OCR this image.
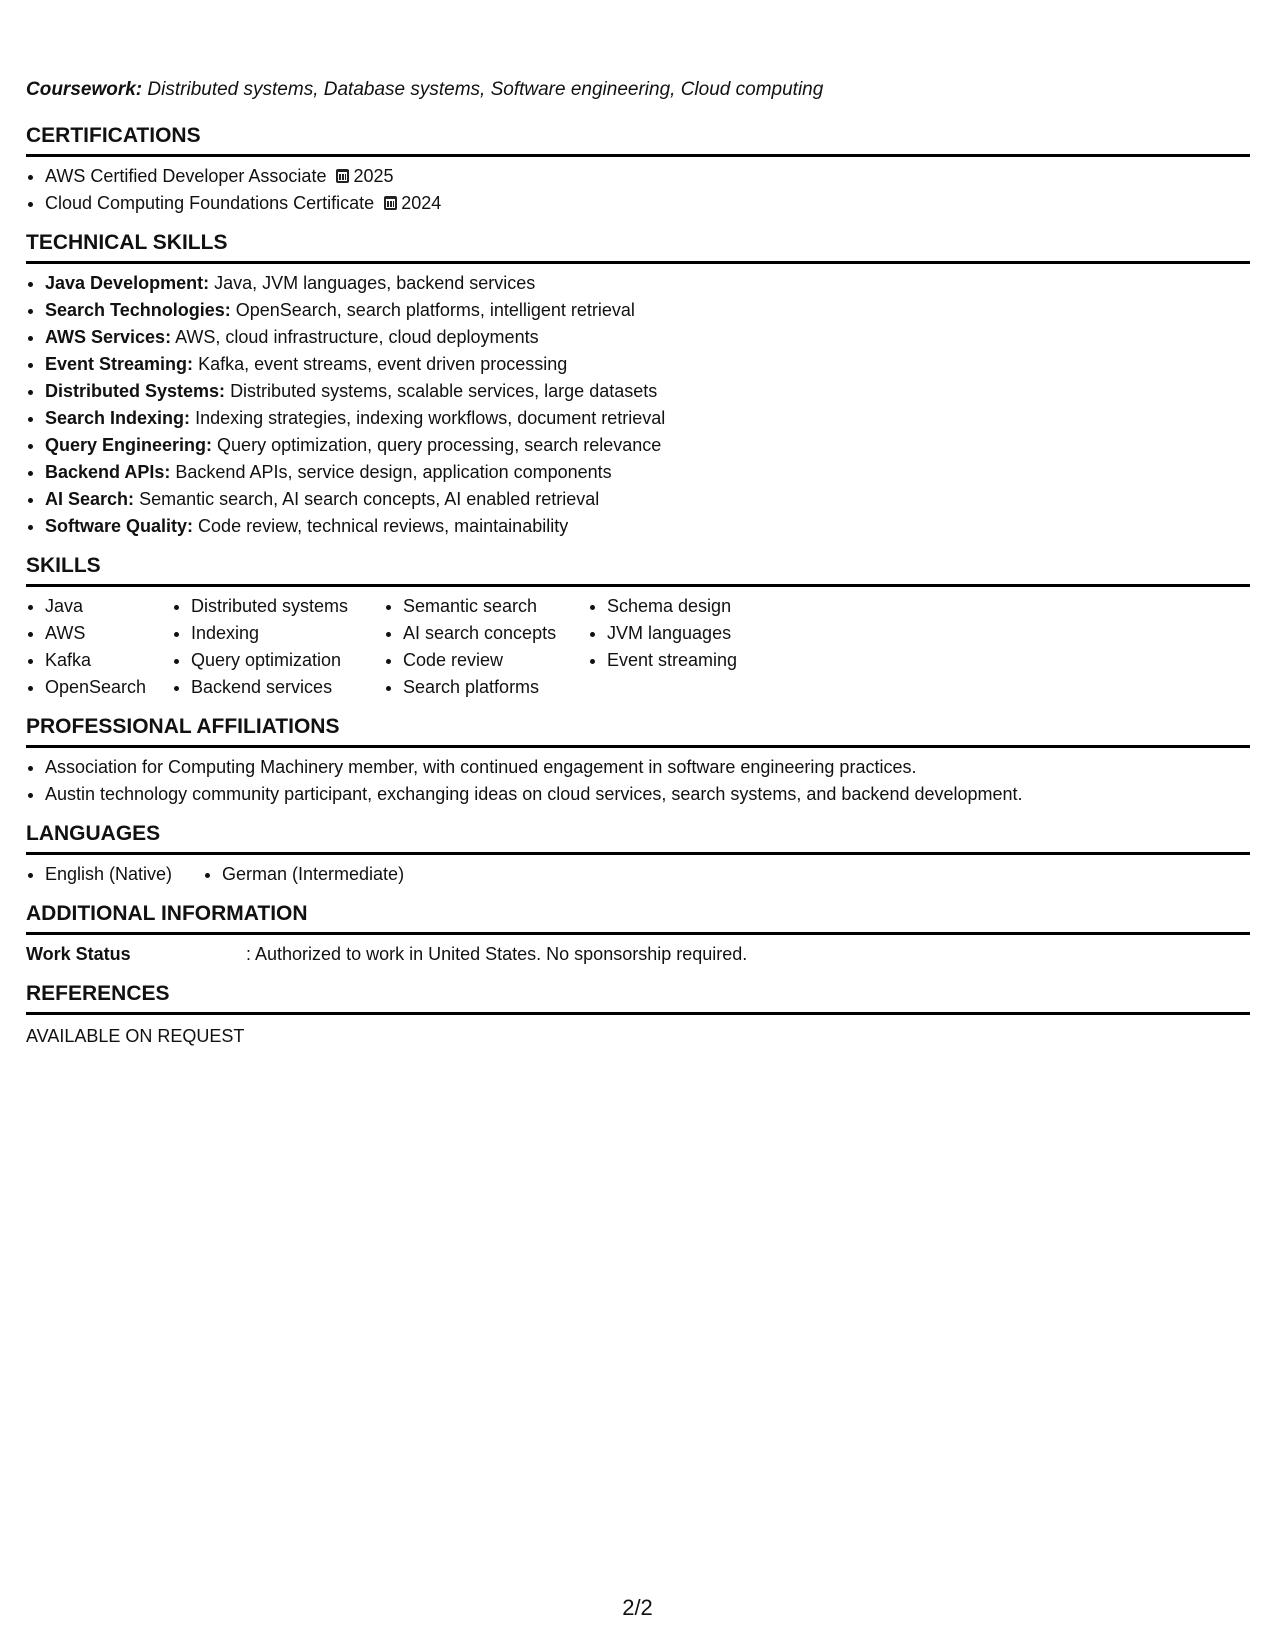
Coursework: Distributed systems, Database systems, Software engineering, Cloud computing

CERTIFICATIONS
• AWS Certified Developer Associate 2025
• Cloud Computing Foundations Certificate 2024
TECHNICAL SKILLS
• Java Development: Java, JVM languages, backend services
• Search Technologies: OpenSearch, search platforms, intelligent retrieval
• AWS Services: AWS, cloud infrastructure, cloud deployments
• Event Streaming: Kafka, event streams, event driven processing
• Distributed Systems: Distributed systems, scalable services, large datasets
• Search Indexing: Indexing strategies, indexing workflows, document retrieval
• Query Engineering: Query optimization, query processing, search relevance
• Backend APIs: Backend APIs, service design, application components
• AI Search: Semantic search, AI search concepts, AI enabled retrieval
• Software Quality: Code review, technical reviews, maintainability
SKILLS
• Java
• AWS
• Kafka
• OpenSearch
• Distributed systems
• Indexing
• Query optimization
• Backend services
• Semantic search
• AI search concepts
• Code review
• Search platforms
• Schema design
• JVM languages
• Event streaming
PROFESSIONAL AFFILIATIONS
• Association for Computing Machinery member, with continued engagement in software engineering practices.
• Austin technology community participant, exchanging ideas on cloud services, search systems, and backend development.
LANGUAGES
• English (Native)
•	German (Intermediate)
ADDITIONAL INFORMATION
Work Status	: Authorized to work in United States. No sponsorship required.
REFERENCES
AVAILABLE ON REQUEST
2/2
